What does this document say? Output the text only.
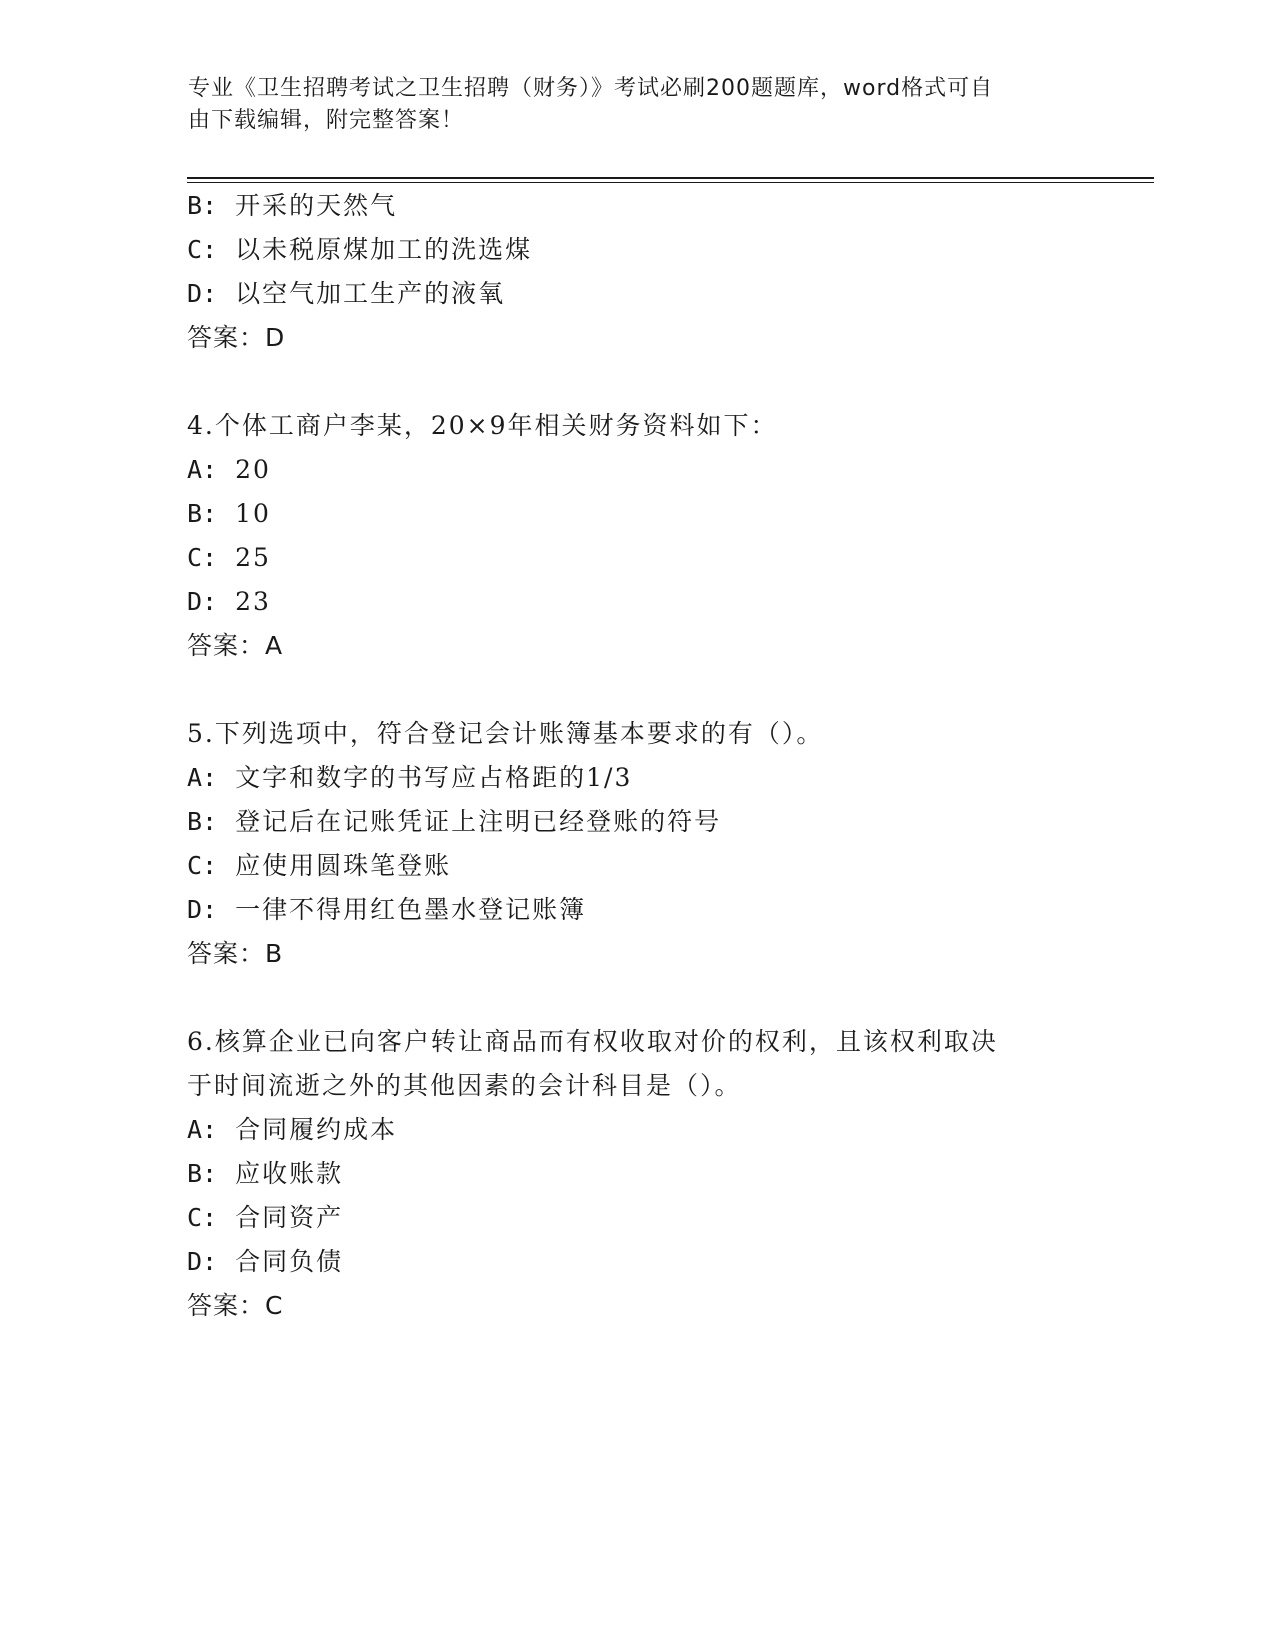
专业《卫生招聘考试之卫生招聘（财务）》考试必刷200题题库，word格式可自
由下载编辑，附完整答案！
B: 开采的天然气
C: 以未税原煤加工的洗选煤
D: 以空气加工生产的液氧
答案：D
4.个体工商户李某，20×9年相关财务资料如下：
A: 20
B: 10
C: 25
D: 23
答案：A
5.下列选项中，符合登记会计账簿基本要求的有（）。
A: 文字和数字的书写应占格距的1/3
B: 登记后在记账凭证上注明已经登账的符号
C: 应使用圆珠笔登账
D: 一律不得用红色墨水登记账簿
答案：B
6.核算企业已向客户转让商品而有权收取对价的权利，且该权利取决
于时间流逝之外的其他因素的会计科目是（）。
A: 合同履约成本
B: 应收账款
C: 合同资产
D: 合同负债
答案：C
